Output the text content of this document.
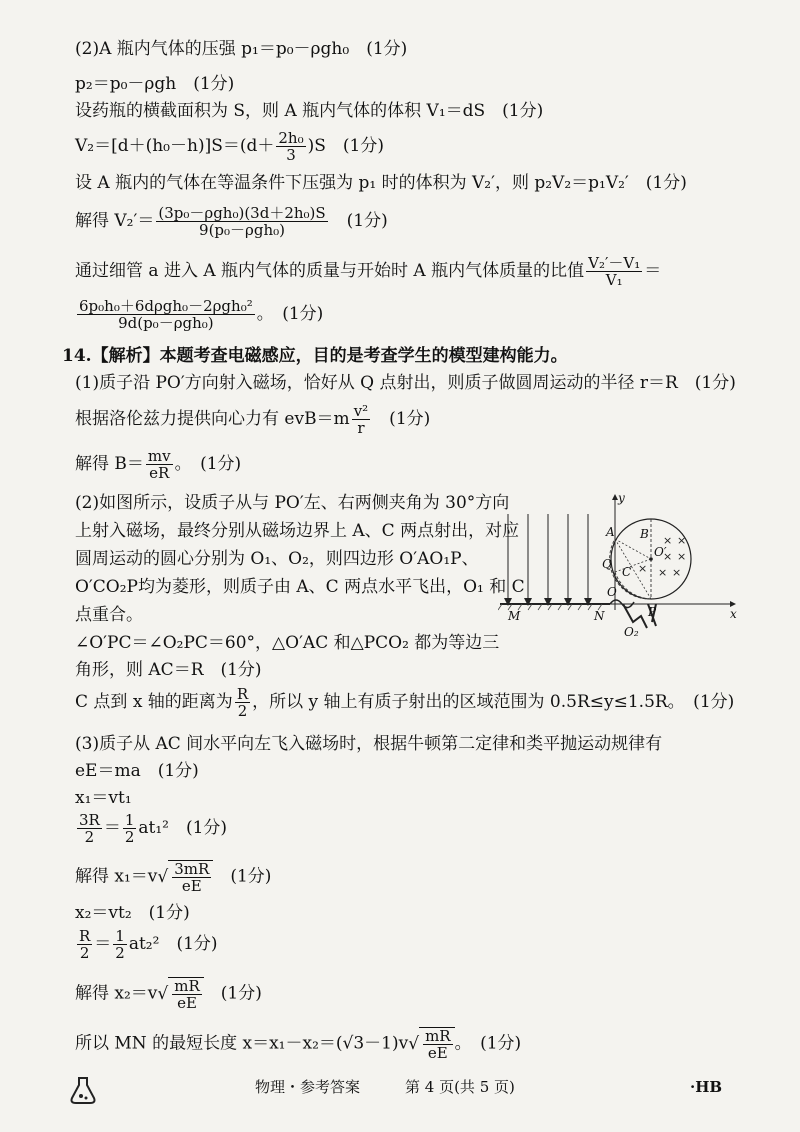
(2)A 瓶内气体的压强 p₁＝p₀－ρgh₀　(1分)
p₂＝p₀－ρgh　(1分)
设药瓶的横截面积为 S，则 A 瓶内气体的体积 V₁＝dS　(1分)
$V_2=[d+(h_0-h)]S=(d+ \frac{\text{2h₀}}{3} )S$　(1分)
设 A 瓶内的气体在等温条件下压强为 p₁ 时的体积为 V₂′，则 p₂V₂＝p₁V₂′　(1分)
解得 $V_2'= \frac{\text{(3p₀－ρgh₀)(3d＋2h₀)S}}{\text{9(p₀－ρgh₀)}}$ 　(1分)
通过细管 a 进入 A 瓶内气体的质量与开始时 A 瓶内气体质量的比值 $\frac{\text{V₂′－V₁}}{\text{V₁}}$ ＝
$\frac{\text{6p₀h₀＋6dρgh₀－2ρgh₀²}}{\text{9d(p₀－ρgh₀)}}$ 。　(1分)
14.【解析】本题考查电磁感应，目的是考查学生的模型建构能力。
(1)质子沿 PO′方向射入磁场，恰好从 Q 点射出，则质子做圆周运动的半径 r＝R　(1分)
根据洛伦兹力提供向心力有 $evB=m \frac{\text{v²}}{r}$ 　(1分)
解得 $B= \frac{mv}{eR}$ 。　(1分)
(2)如图所示，设质子从与 PO′左、右两侧夹角为 30°方向
上射入磁场，最终分别从磁场边界上 A、C 两点射出，对应
圆周运动的圆心分别为 O₁、O₂，则四边形 O′AO₁P、
O′CO₂P均为菱形，则质子由 A、C 两点水平飞出，O₁ 和 C
点重合。
∠O′PC＝∠O₂PC＝60°，△O′AC 和△PCO₂ 都为等边三
角形，则 AC＝R　(1分)
C 点到 x 轴的距离为 $\frac{R}{2}$ ，所以 y 轴上有质子射出的区域范围为 0.5R≤y≤1.5R。　(1分)
(3)质子从 AC 间水平向左飞入磁场时，根据牛顿第二定律和类平抛运动规律有
eE＝ma　(1分)
x₁＝vt₁
$\frac{3R}{2} = \frac{1}{2} at_1^2$　(1分)
解得 $x_1=v√ \frac{3mR}{eE}$ 　(1分)
x₂＝vt₂　(1分)
$\frac{R}{2} = \frac{1}{2} at_2^2$　(1分)
解得 $x_2=v√ \frac{mR}{eE}$ 　(1分)
所以 MN 的最短长度 $x=x_1-x_2=(√3-1)v√ \frac{mR}{eE}$ 。　(1分)
× ×
× ×
× ×
×
y
x
A B
Q
C
O
O′
M	N	P
O₂
物理・参考答案	第 4 页(共 5 页)	·HB
